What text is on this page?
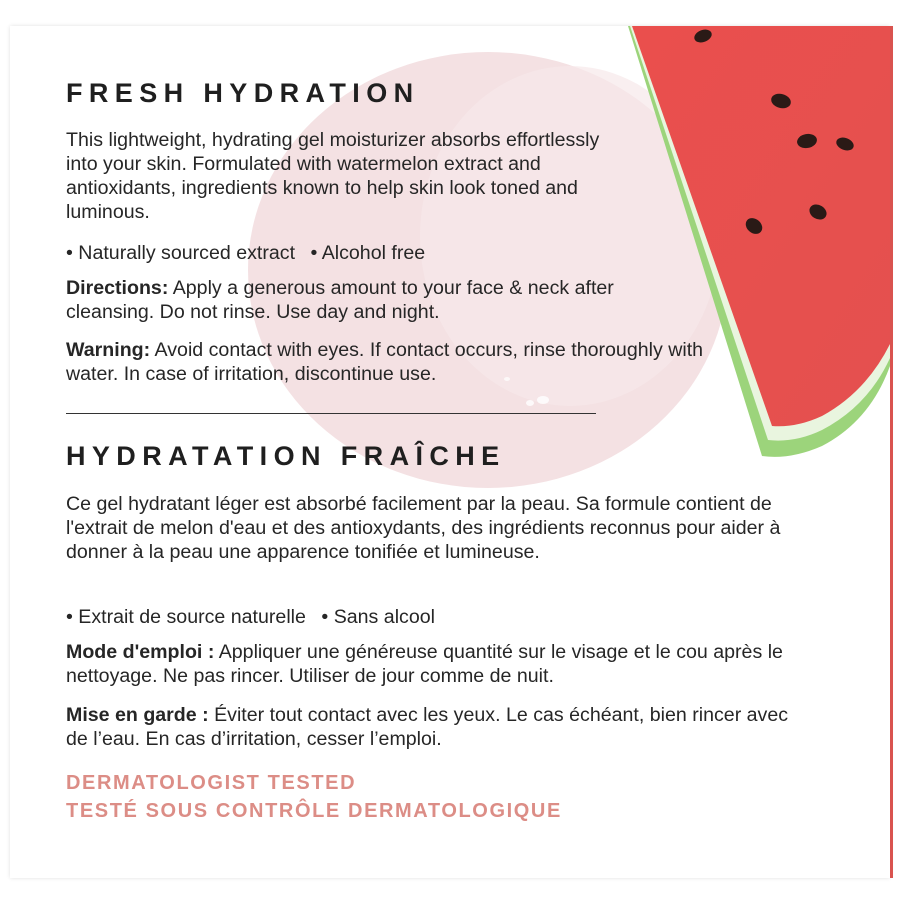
FRESH HYDRATION

This lightweight, hydrating gel moisturizer absorbs effortlessly into your skin. Formulated with watermelon extract and antioxidants, ingredients known to help skin look toned and luminous.

• Naturally sourced extract • Alcohol free

Directions: Apply a generous amount to your face & neck after cleansing. Do not rinse. Use day and night.

Warning: Avoid contact with eyes. If contact occurs, rinse thoroughly with water. In case of irritation, discontinue use.

HYDRATATION FRAÎCHE

Ce gel hydratant léger est absorbé facilement par la peau. Sa formule contient de l'extrait de melon d'eau et des antioxydants, des ingrédients reconnus pour aider à donner à la peau une apparence tonifiée et lumineuse.

• Extrait de source naturelle • Sans alcool

Mode d'emploi : Appliquer une généreuse quantité sur le visage et le cou après le nettoyage. Ne pas rincer. Utiliser de jour comme de nuit.

Mise en garde : Éviter tout contact avec les yeux. Le cas échéant, bien rincer avec de l’eau. En cas d’irritation, cesser l’emploi.

DERMATOLOGIST TESTED

TESTÉ SOUS CONTRÔLE DERMATOLOGIQUE
